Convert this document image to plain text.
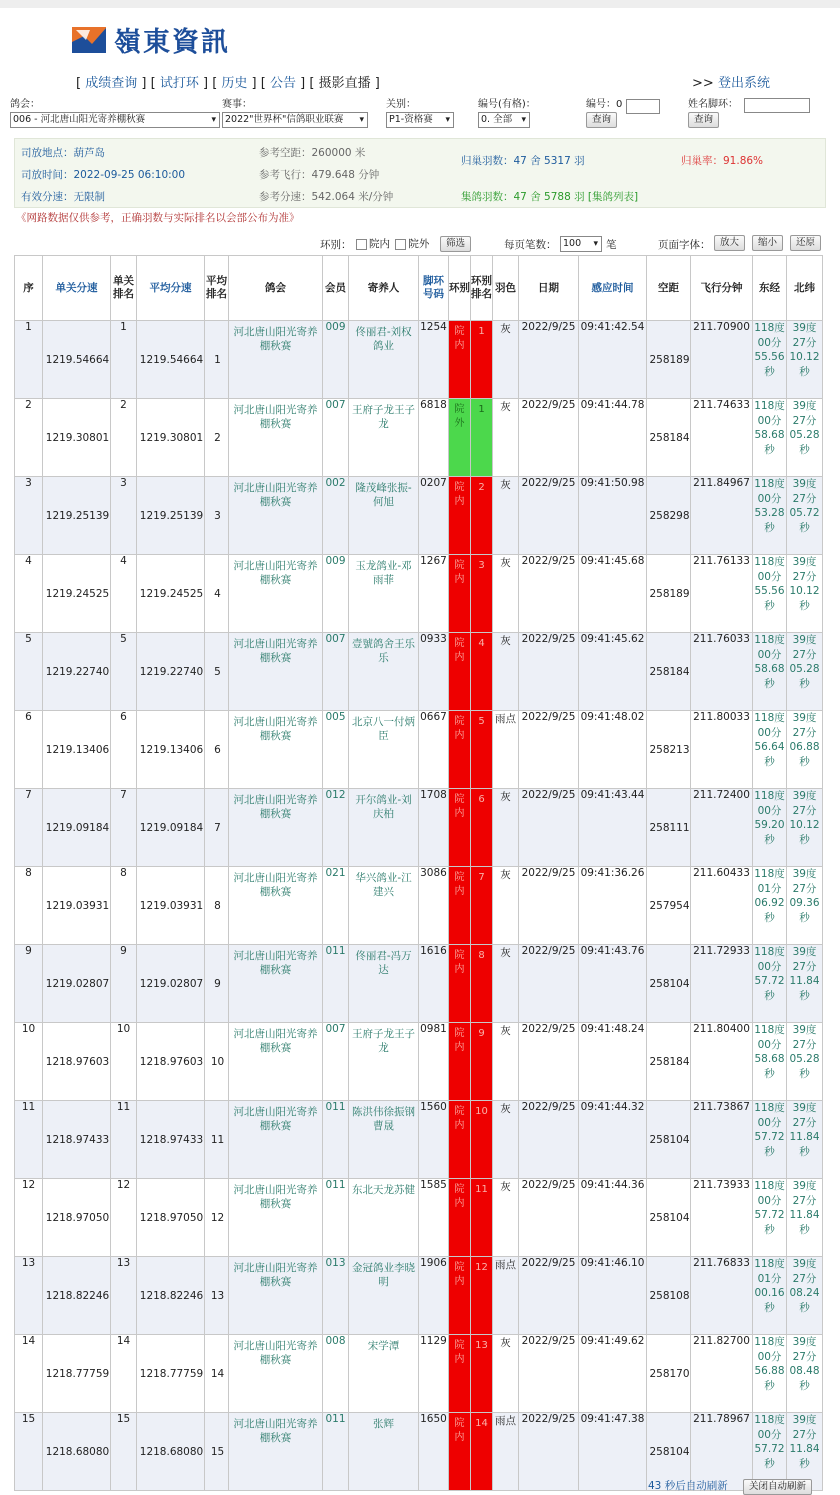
嶺東資訊
[ 成绩查询 ] [ 试打环 ] [ 历史 ] [ 公告 ] [ 摄影直播 ]	>> 登出系统
鸽会：
006 - 河北唐山阳光寄养棚秋赛 ▾
赛事：
2022"世界杯"信鸽职业联赛 ▾
关别：
P1-资格赛 ▾
编号(有格)：
0. 全部 ▾
编号：0
查询
姓名脚环：
查询
司放地点：葫芦岛
司放时间：2022-09-25 06:10:00
有效分速：无限制
参考空距：260000 米
参考飞行：479.648 分钟
参考分速：542.064 米/分钟
归巢羽数：47 舍 5317 羽	归巢率：91.86%
集鸽羽数：47 舍 5788 羽 [集鸽列表]
《网路数据仅供参考，正确羽数与实际排名以会部公布为准》
环别：	院内 院外	筛选	每页笔数： 100 ▾	笔	页面字体：	放大	缩小	还原
序	单关分速	单关排名	平均分速	平均排名	鸽会	会员	寄养人	脚环号码	环别	环别排名	羽色	日期	感应时间	空距	飞行分钟	东经	北纬
1	1219.54664	1	1219.54664	1	河北唐山阳光寄养棚秋赛	009	佟丽君-刘权鸽业	1254	院内	1	灰	2022/9/25	09:41:42.54	258189	211.70900	118度00分55.56秒	39度27分10.12秒
2	1219.30801	2	1219.30801	2	河北唐山阳光寄养棚秋赛	007	王府子龙王子龙	6818	院外	1	灰	2022/9/25	09:41:44.78	258184	211.74633	118度00分58.68秒	39度27分05.28秒
3	1219.25139	3	1219.25139	3	河北唐山阳光寄养棚秋赛	002	隆茂峰张振-何旭	0207	院内	2	灰	2022/9/25	09:41:50.98	258298	211.84967	118度00分53.28秒	39度27分05.72秒
4	1219.24525	4	1219.24525	4	河北唐山阳光寄养棚秋赛	009	玉龙鸽业-邓雨菲	1267	院内	3	灰	2022/9/25	09:41:45.68	258189	211.76133	118度00分55.56秒	39度27分10.12秒
5	1219.22740	5	1219.22740	5	河北唐山阳光寄养棚秋赛	007	壹號鸽舍王乐乐	0933	院内	4	灰	2022/9/25	09:41:45.62	258184	211.76033	118度00分58.68秒	39度27分05.28秒
6	1219.13406	6	1219.13406	6	河北唐山阳光寄养棚秋赛	005	北京八一付炳臣	0667	院内	5	雨点	2022/9/25	09:41:48.02	258213	211.80033	118度00分56.64秒	39度27分06.88秒
7	1219.09184	7	1219.09184	7	河北唐山阳光寄养棚秋赛	012	开尔鸽业-刘庆柏	1708	院内	6	灰	2022/9/25	09:41:43.44	258111	211.72400	118度00分59.20秒	39度27分10.12秒
8	1219.03931	8	1219.03931	8	河北唐山阳光寄养棚秋赛	021	华兴鸽业-江建兴	3086	院内	7	灰	2022/9/25	09:41:36.26	257954	211.60433	118度01分06.92秒	39度27分09.36秒
9	1219.02807	9	1219.02807	9	河北唐山阳光寄养棚秋赛	011	佟丽君-冯万达	1616	院内	8	灰	2022/9/25	09:41:43.76	258104	211.72933	118度00分57.72秒	39度27分11.84秒
10	1218.97603	10	1218.97603	10	河北唐山阳光寄养棚秋赛	007	王府子龙王子龙	0981	院内	9	灰	2022/9/25	09:41:48.24	258184	211.80400	118度00分58.68秒	39度27分05.28秒
11	1218.97433	11	1218.97433	11	河北唐山阳光寄养棚秋赛	011	陈洪伟徐振钢曹晟	1560	院内	10	灰	2022/9/25	09:41:44.32	258104	211.73867	118度00分57.72秒	39度27分11.84秒
12	1218.97050	12	1218.97050	12	河北唐山阳光寄养棚秋赛	011	东北天龙苏健	1585	院内	11	灰	2022/9/25	09:41:44.36	258104	211.73933	118度00分57.72秒	39度27分11.84秒
13	1218.82246	13	1218.82246	13	河北唐山阳光寄养棚秋赛	013	金冠鸽业李晓明	1906	院内	12	雨点	2022/9/25	09:41:46.10	258108	211.76833	118度01分00.16秒	39度27分08.24秒
14	1218.77759	14	1218.77759	14	河北唐山阳光寄养棚秋赛	008	宋学潭	1129	院内	13	灰	2022/9/25	09:41:49.62	258170	211.82700	118度00分56.88秒	39度27分08.48秒
15	1218.68080	15	1218.68080	15	河北唐山阳光寄养棚秋赛	011	张辉	1650	院内	14	雨点	2022/9/25	09:41:47.38	258104	211.78967	118度00分57.72秒	39度27分11.84秒
43 秒后自动刷新 关闭自动刷新
